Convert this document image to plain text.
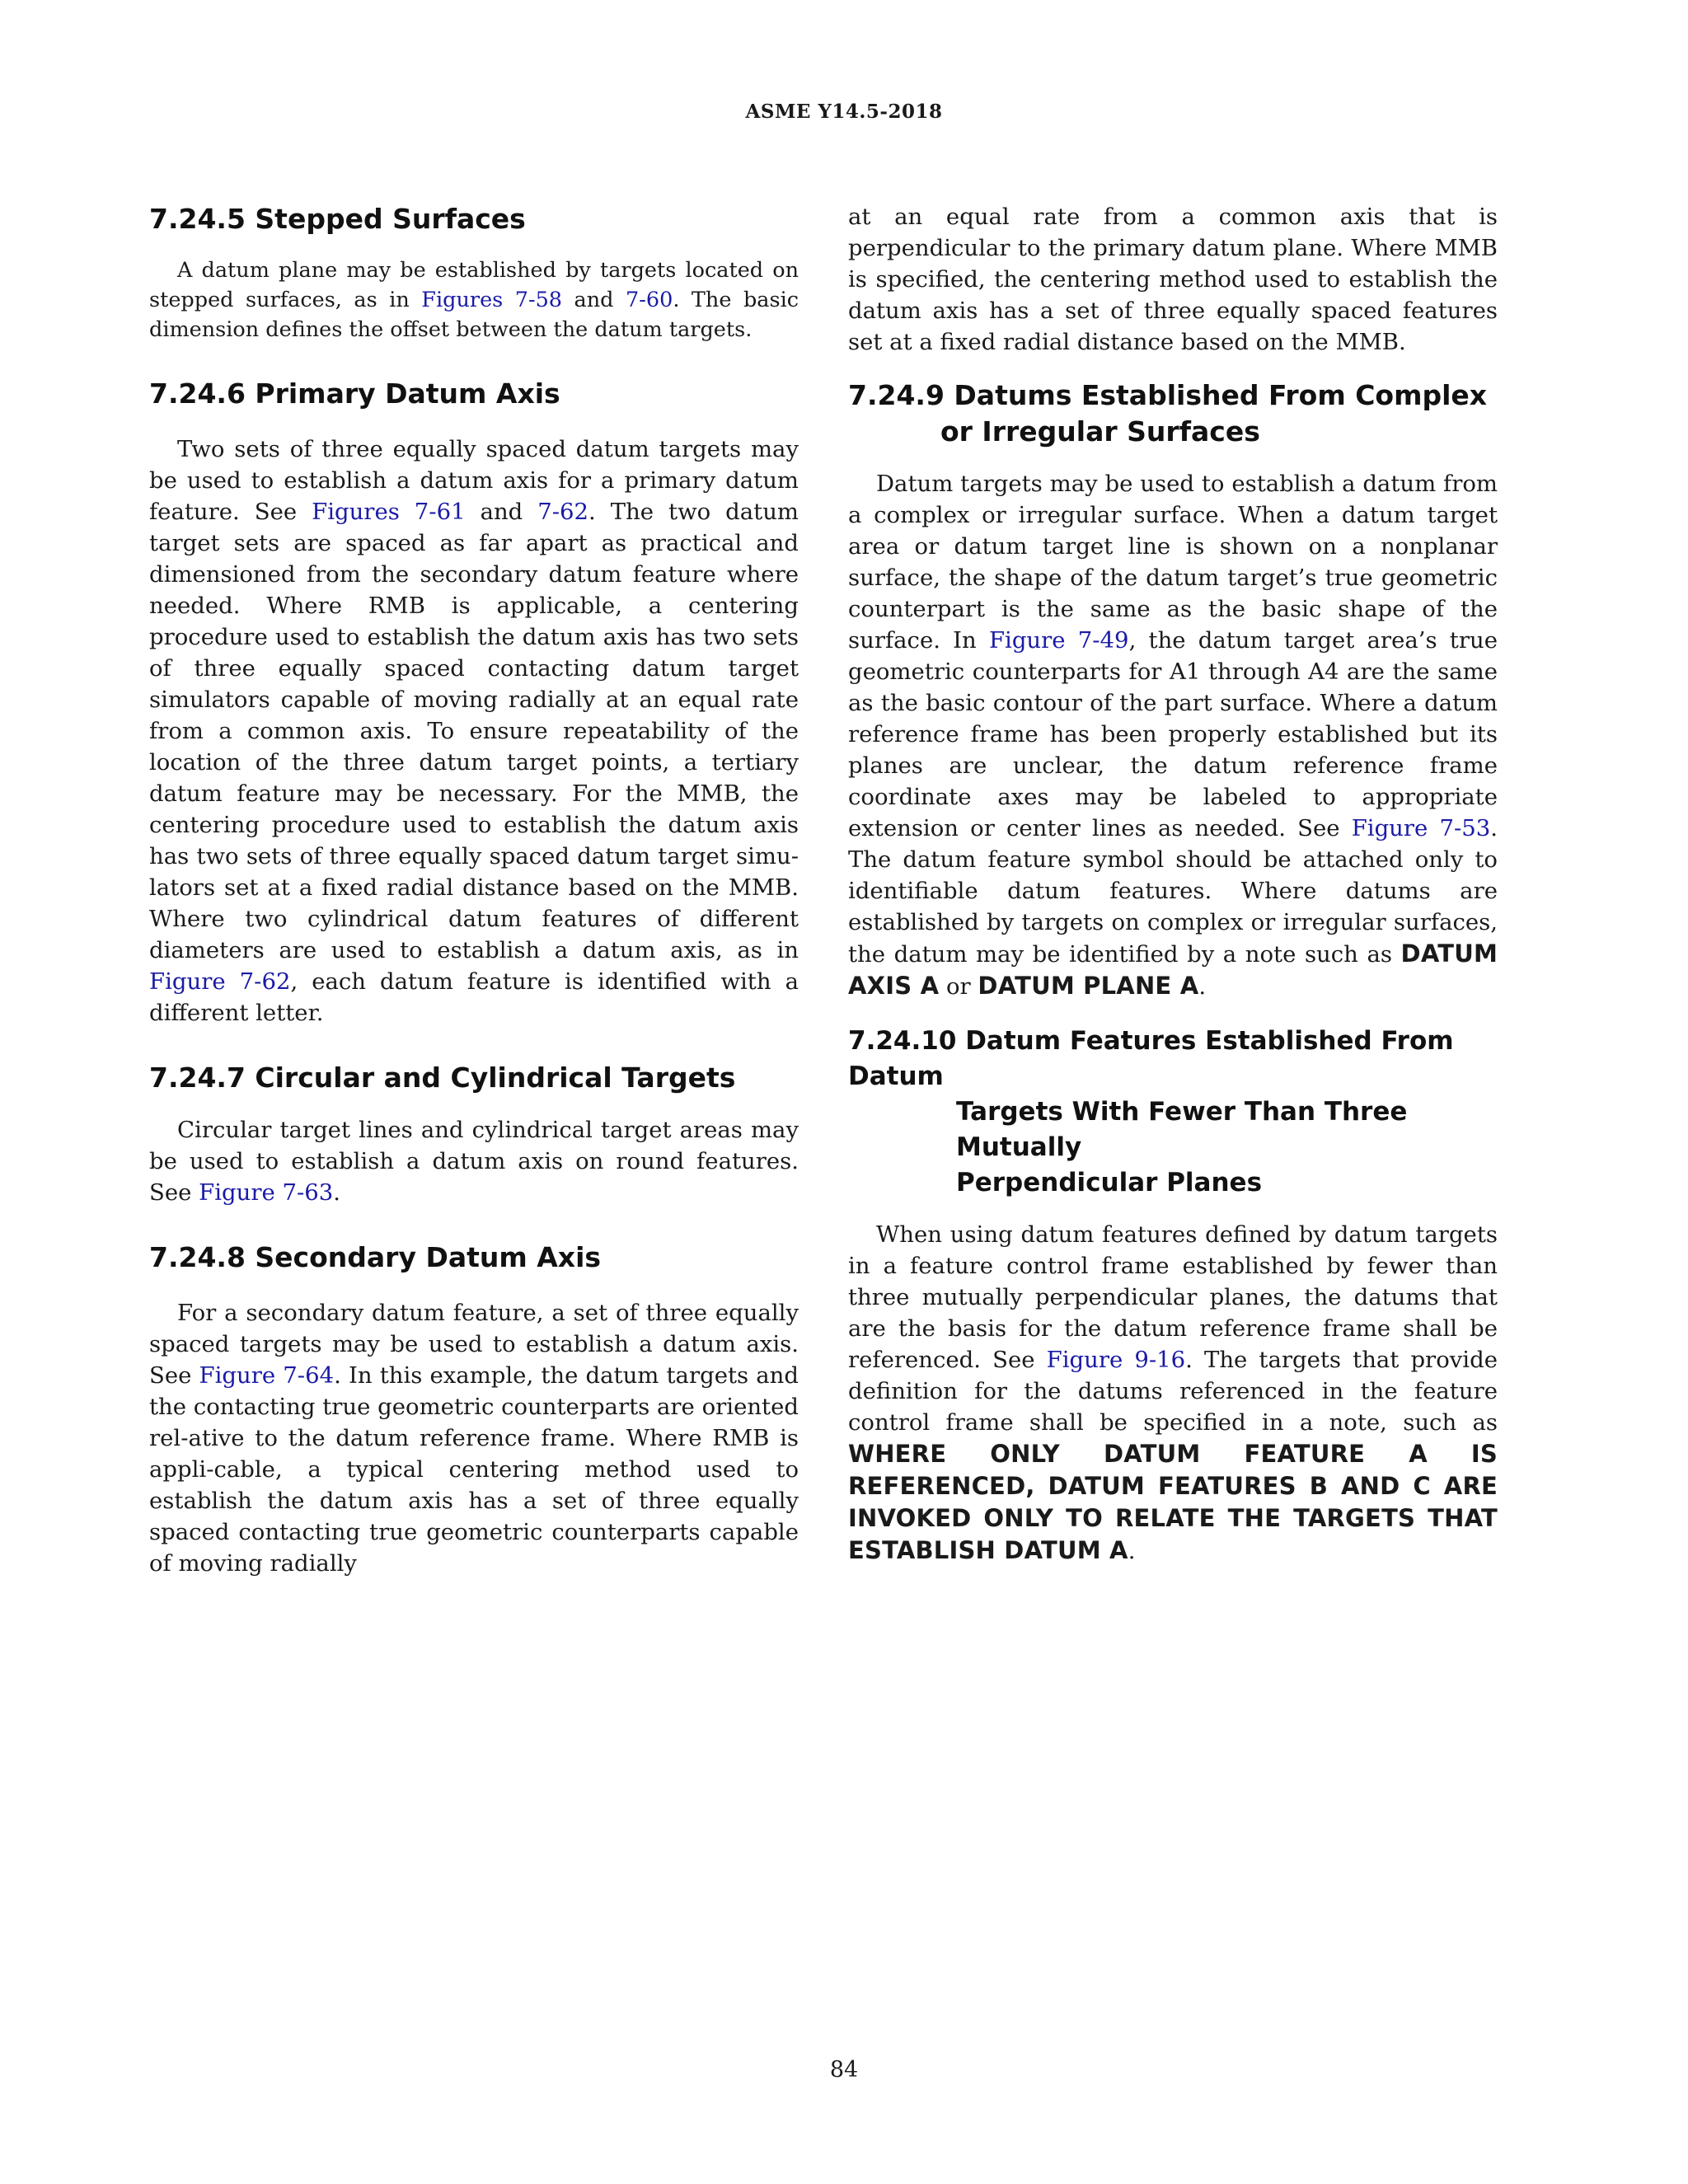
ASME Y14.5-2018
7.24.5 Stepped Surfaces

A datum plane may be established by targets located on stepped surfaces, as in Figures 7-58 and 7-60. The basic dimension defines the offset between the datum targets.

7.24.6 Primary Datum Axis

Two sets of three equally spaced datum targets may be used to establish a datum axis for a primary datum feature. See Figures 7-61 and 7-62. The two datum target sets are spaced as far apart as practical and dimensioned from the secondary datum feature where needed. Where RMB is applicable, a centering procedure used to establish the datum axis has two sets of three equally spaced contacting datum target simulators capable of moving radially at an equal rate from a common axis. To ensure repeatability of the location of the three datum target points, a tertiary datum feature may be necessary. For the MMB, the centering procedure used to establish the datum axis has two sets of three equally spaced datum target simu-lators set at a fixed radial distance based on the MMB. Where two cylindrical datum features of different diameters are used to establish a datum axis, as in Figure 7-62, each datum feature is identified with a different letter.

7.24.7 Circular and Cylindrical Targets

Circular target lines and cylindrical target areas may be used to establish a datum axis on round features. See Figure 7-63.

7.24.8 Secondary Datum Axis

For a secondary datum feature, a set of three equally spaced targets may be used to establish a datum axis. See Figure 7-64. In this example, the datum targets and the contacting true geometric counterparts are oriented rel-ative to the datum reference frame. Where RMB is appli-cable, a typical centering method used to establish the datum axis has a set of three equally spaced contacting true geometric counterparts capable of moving radially

at an equal rate from a common axis that is perpendicular to the primary datum plane. Where MMB is specified, the centering method used to establish the datum axis has a set of three equally spaced features set at a fixed radial distance based on the MMB.

7.24.9 Datums Established From Complex
or Irregular Surfaces

Datum targets may be used to establish a datum from a complex or irregular surface. When a datum target area or datum target line is shown on a nonplanar surface, the shape of the datum target’s true geometric counterpart is the same as the basic shape of the surface. In Figure 7-49, the datum target area’s true geometric counterparts for A1 through A4 are the same as the basic contour of the part surface. Where a datum reference frame has been properly established but its planes are unclear, the datum reference frame coordinate axes may be labeled to appropriate extension or center lines as needed. See Figure 7-53. The datum feature symbol should be attached only to identifiable datum features. Where datums are established by targets on complex or irregular surfaces, the datum may be identified by a note such as DATUM AXIS A or DATUM PLANE A.

7.24.10 Datum Features Established From Datum
Targets With Fewer Than Three Mutually
Perpendicular Planes

When using datum features defined by datum targets in a feature control frame established by fewer than three mutually perpendicular planes, the datums that are the basis for the datum reference frame shall be referenced. See Figure 9-16. The targets that provide definition for the datums referenced in the feature control frame shall be specified in a note, such as WHERE ONLY DATUM FEATURE A IS REFERENCED, DATUM FEATURES B AND C ARE INVOKED ONLY TO RELATE THE TARGETS THAT ESTABLISH DATUM A.

84
